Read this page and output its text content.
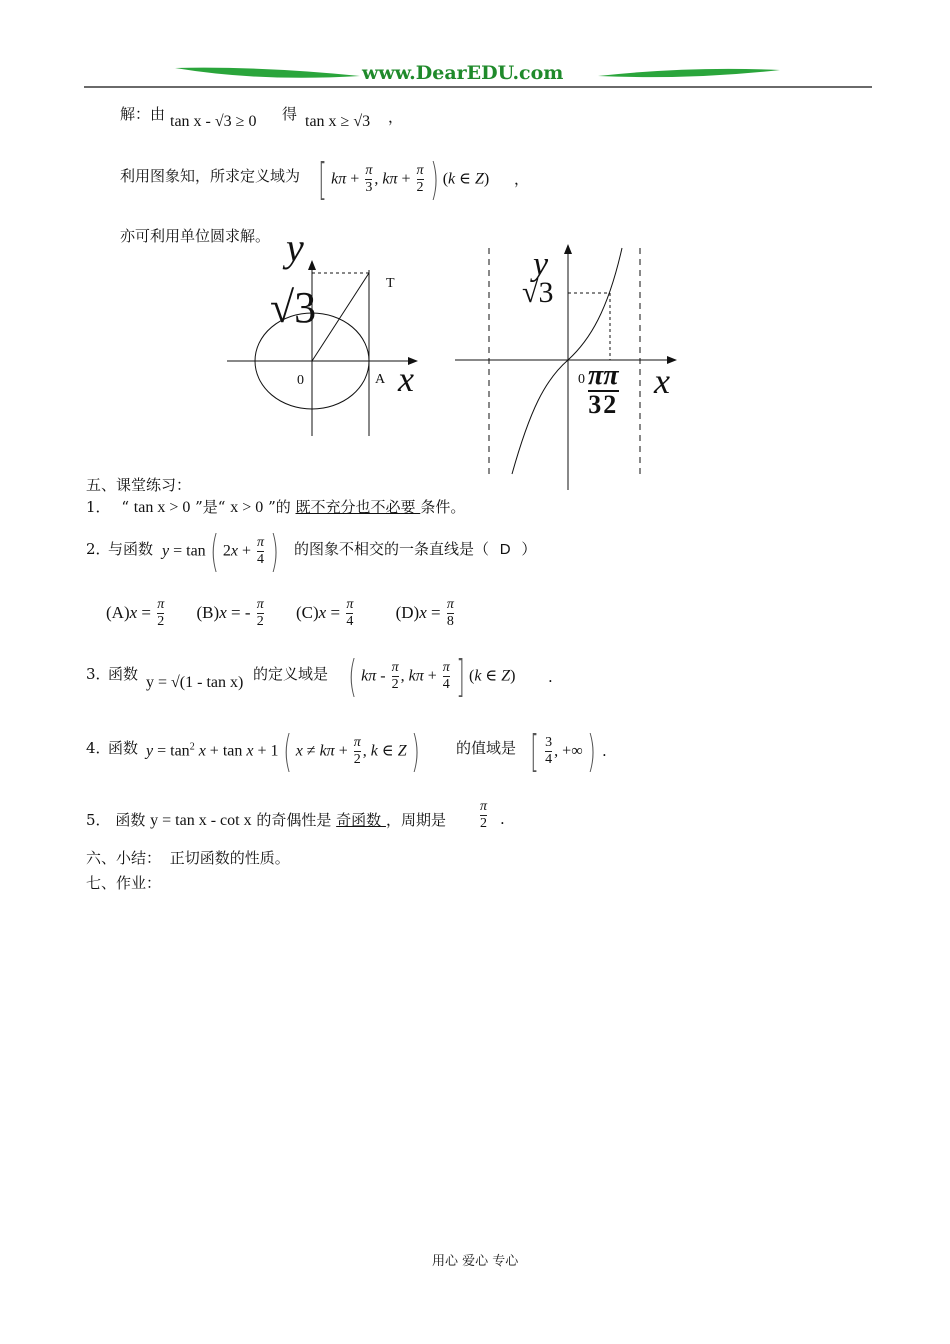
www.DearEDU.com
解：由 tan x - √3 ≥ 0 得 tan x ≥ √3 ，
利用图象知，所求定义域为 [ $k\pi + \frac{\pi}{3}$ , $k\pi + \frac{\pi}{2}$ ) (k ∈ Z) ，
亦可利用单位圆求解。 y
√3	T
0	A x
y
√3
0 ππ
32
x
五、课堂练习：
1． “ tan x > 0 ”是“ x > 0 ”的 既不充分也不必要 条件。
2．
与函数 y = tan ( $2x + \frac{\pi}{4}$ ) 的图象不相交的一条直线是（ D ）
$(A)x = \frac{\pi}{2} (B)x$ = - $\frac{\pi}{2} (C)x = \frac{\pi}{4} (D)x = \frac{\pi}{8}$
3．
函数 y = √(1 - tan x) 的定义域是 ( kπ - $\frac{\pi}{2}$ , $k\pi + \frac{\pi}{4}$ ] (k ∈ Z) .
4．
函数 $y = \tan^2 x + \tan x + 1$ ( $x \ne k\pi + \frac{\pi}{2}$ , k ∈ Z ) 的值域是 [ $\frac{3}{4}$ , +∞ ) .
5． 函数 y = tan x - cot x 的奇偶性是 奇函数 ，周期是 $\frac{\pi}{2}$ .
六、小结： 正切函数的性质。
七、作业：
用心 爱心 专心
